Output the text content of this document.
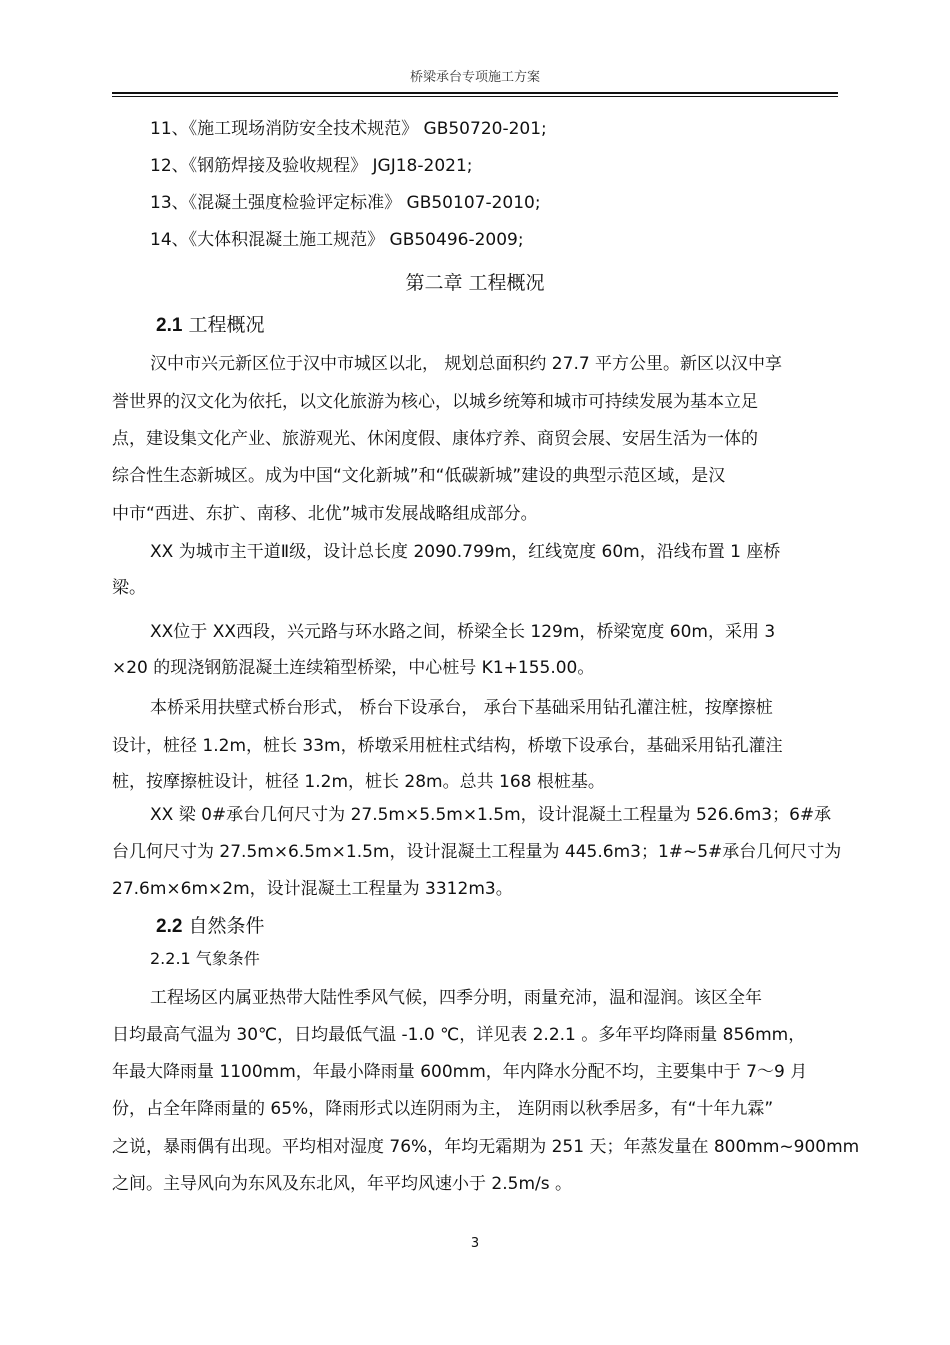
桥梁承台专项施工方案
11、《施工现场消防安全技术规范》 GB50720-201;
12、《钢筋焊接及验收规程》 JGJ18-2021;
13、《混凝土强度检验评定标准》 GB50107-2010;
14、《大体积混凝土施工规范》 GB50496-2009;
第二章 工程概况
2.1 工程概况
汉中市兴元新区位于汉中市城区以北， 规划总面积约 27.7 平方公里。新区以汉中享
誉世界的汉文化为依托，以文化旅游为核心，以城乡统筹和城市可持续发展为基本立足
点，建设集文化产业、旅游观光、休闲度假、康体疗养、商贸会展、安居生活为一体的
综合性生态新城区。成为中国“文化新城”和“低碳新城”建设的典型示范区域，是汉
中市“西进、东扩、南移、北优”城市发展战略组成部分。
XX 为城市主干道Ⅱ级，设计总长度 2090.799m，红线宽度 60m，沿线布置 1 座桥
梁。
XX位于 XX西段，兴元路与环水路之间，桥梁全长 129m，桥梁宽度 60m，采用 3
×20 的现浇钢筋混凝土连续箱型桥梁，中心桩号 K1+155.00。
本桥采用扶壁式桥台形式， 桥台下设承台， 承台下基础采用钻孔灌注桩，按摩擦桩
设计，桩径 1.2m，桩长 33m，桥墩采用桩柱式结构，桥墩下设承台，基础采用钻孔灌注
桩，按摩擦桩设计，桩径 1.2m，桩长 28m。总共 168 根桩基。
XX 梁 0#承台几何尺寸为 27.5m×5.5m×1.5m，设计混凝土工程量为 526.6m3；6#承
台几何尺寸为 27.5m×6.5m×1.5m，设计混凝土工程量为 445.6m3；1#~5#承台几何尺寸为
27.6m×6m×2m，设计混凝土工程量为 3312m3。
2.2 自然条件
2.2.1 气象条件
工程场区内属亚热带大陆性季风气候，四季分明，雨量充沛，温和湿润。该区全年
日均最高气温为 30℃，日均最低气温 -1.0 ℃，详见表 2.2.1 。多年平均降雨量 856mm，
年最大降雨量 1100mm，年最小降雨量 600mm，年内降水分配不均，主要集中于 7～9 月
份，占全年降雨量的 65%，降雨形式以连阴雨为主， 连阴雨以秋季居多，有“十年九霖”
之说，暴雨偶有出现。平均相对湿度 76%，年均无霜期为 251 天；年蒸发量在 800mm~900mm
之间。主导风向为东风及东北风，年平均风速小于 2.5m/s 。
3
